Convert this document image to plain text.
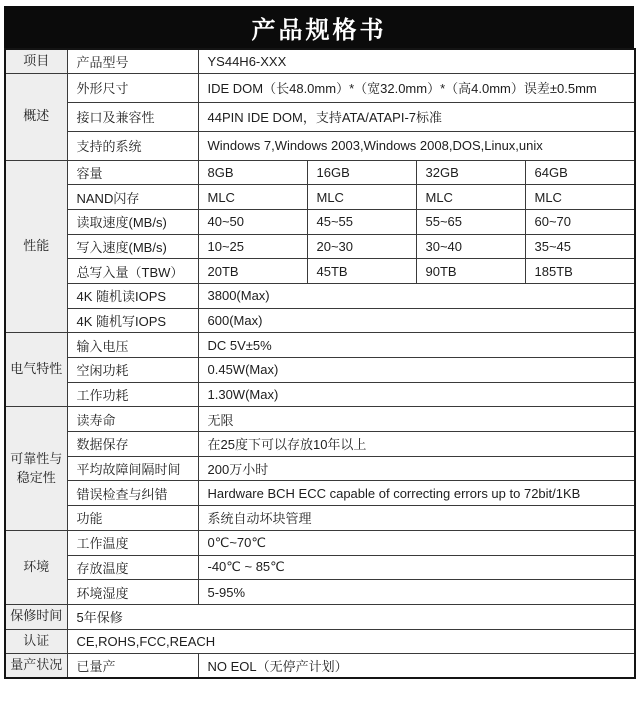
产品规格书
项目	产品型号	YS44H6-XXX			
概述	外形尺寸	IDE DOM（长48.0mm）*（宽32.0mm）*（高4.0mm）误差±0.5mm			
	接口及兼容性	44PIN IDE DOM，支持ATA/ATAPI-7标准			
	支持的系统	Windows 7,Windows 2003,Windows 2008,DOS,Linux,unix			
性能	容量	8GB	16GB	32GB	64GB
	NAND闪存	MLC	MLC	MLC	MLC
	读取速度(MB/s)	40~50	45~55	55~65	60~70
	写入速度(MB/s)	10~25	20~30	30~40	35~45
	总写入量（TBW）	20TB	45TB	90TB	185TB
	4K 随机读IOPS	3800(Max)			
	4K 随机写IOPS	600(Max)			
电气特性	输入电压	DC 5V±5%			
	空闲功耗	0.45W(Max)			
	工作功耗	1.30W(Max)			
可靠性与稳定性	读寿命	无限			
	数据保存	在25度下可以存放10年以上			
	平均故障间隔时间	200万小时			
	错误检查与纠错	Hardware BCH ECC capable of correcting errors up to 72bit/1KB			
	功能	系统自动坏块管理			
环境	工作温度	0℃~70℃			
	存放温度	-40℃ ~ 85℃			
	环境湿度	5-95%			
保修时间	5年保修				
认证	CE,ROHS,FCC,REACH				
量产状况	已量产	NO EOL（无停产计划）			
